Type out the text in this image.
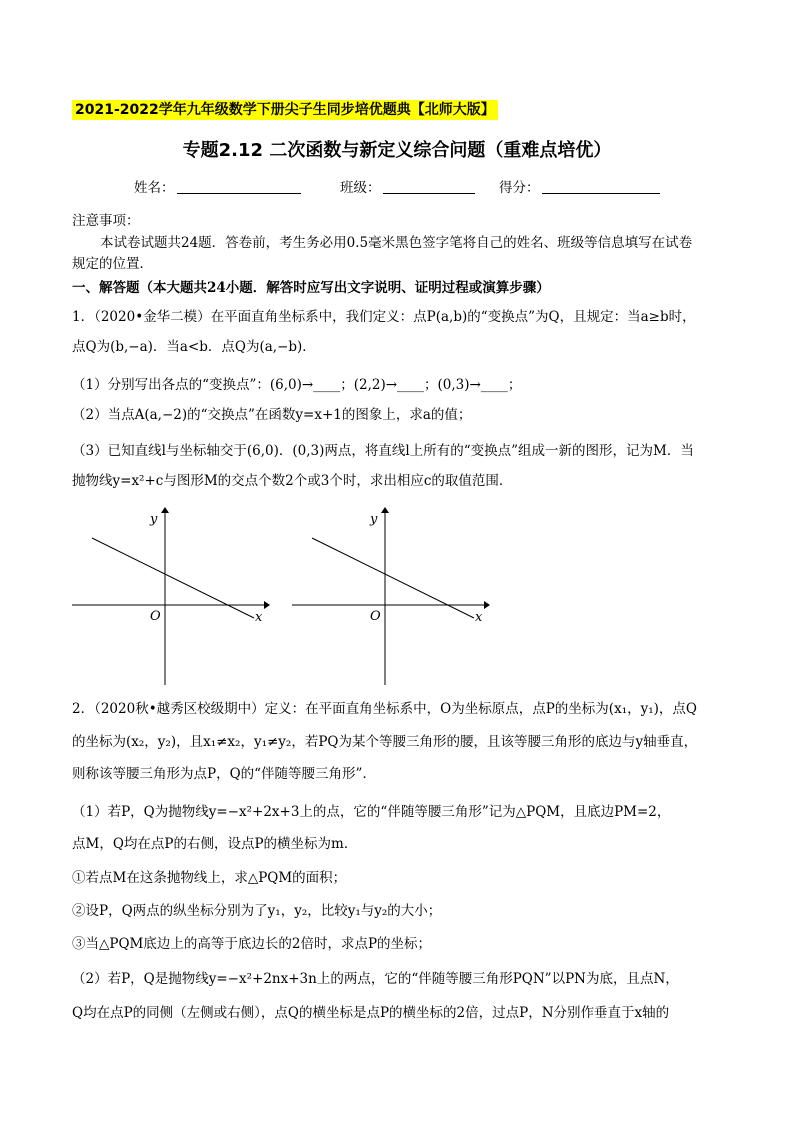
2021-2022学年九年级数学下册尖子生同步培优题典【北师大版】
专题2.12 二次函数与新定义综合问题（重难点培优）
姓名：	班级：	得分：
注意事项：
本试卷试题共24题．答卷前，考生务必用0.5毫米黑色签字笔将自己的姓名、班级等信息填写在试卷
规定的位置．
一、解答题（本大题共24小题．解答时应写出文字说明、证明过程或演算步骤）
1．（2020•金华二模）在平面直角坐标系中，我们定义：点P(a,b)的“变换点”为Q，且规定：当a≥b时，
点Q为(b,−a)．当a<b．点Q为(a,−b)．
（1）分别写出各点的“变换点”：(6,0)→____；(2,2)→____；(0,3)→____；
（2）当点A(a,−2)的“交换点”在函数y=x+1的图象上，求a的值；
（3）已知直线l与坐标轴交于(6,0)．(0,3)两点，将直线l上所有的“变换点”组成一新的图形，记为M．当
抛物线y=x²+c与图形M的交点个数2个或3个时，求出相应c的取值范围．
O	x
y
O	x
y
2．（2020秋•越秀区校级期中）定义：在平面直角坐标系中，O为坐标原点，点P的坐标为(x₁，y₁)，点Q
的坐标为(x₂，y₂)，且x₁≠x₂，y₁≠y₂，若PQ为某个等腰三角形的腰，且该等腰三角形的底边与y轴垂直，
则称该等腰三角形为点P，Q的“伴随等腰三角形”．
（1）若P，Q为抛物线y=−x²+2x+3上的点，它的“伴随等腰三角形”记为△PQM，且底边PM=2，
点M，Q均在点P的右侧，设点P的横坐标为m．
①若点M在这条抛物线上，求△PQM的面积；
②设P，Q两点的纵坐标分别为了y₁，y₂，比较y₁与y₂的大小；
③当△PQM底边上的高等于底边长的2倍时，求点P的坐标；
（2）若P，Q是抛物线y=−x²+2nx+3n上的两点，它的“伴随等腰三角形PQN”以PN为底，且点N，
Q均在点P的同侧（左侧或右侧），点Q的横坐标是点P的横坐标的2倍，过点P，N分别作垂直于x轴的
